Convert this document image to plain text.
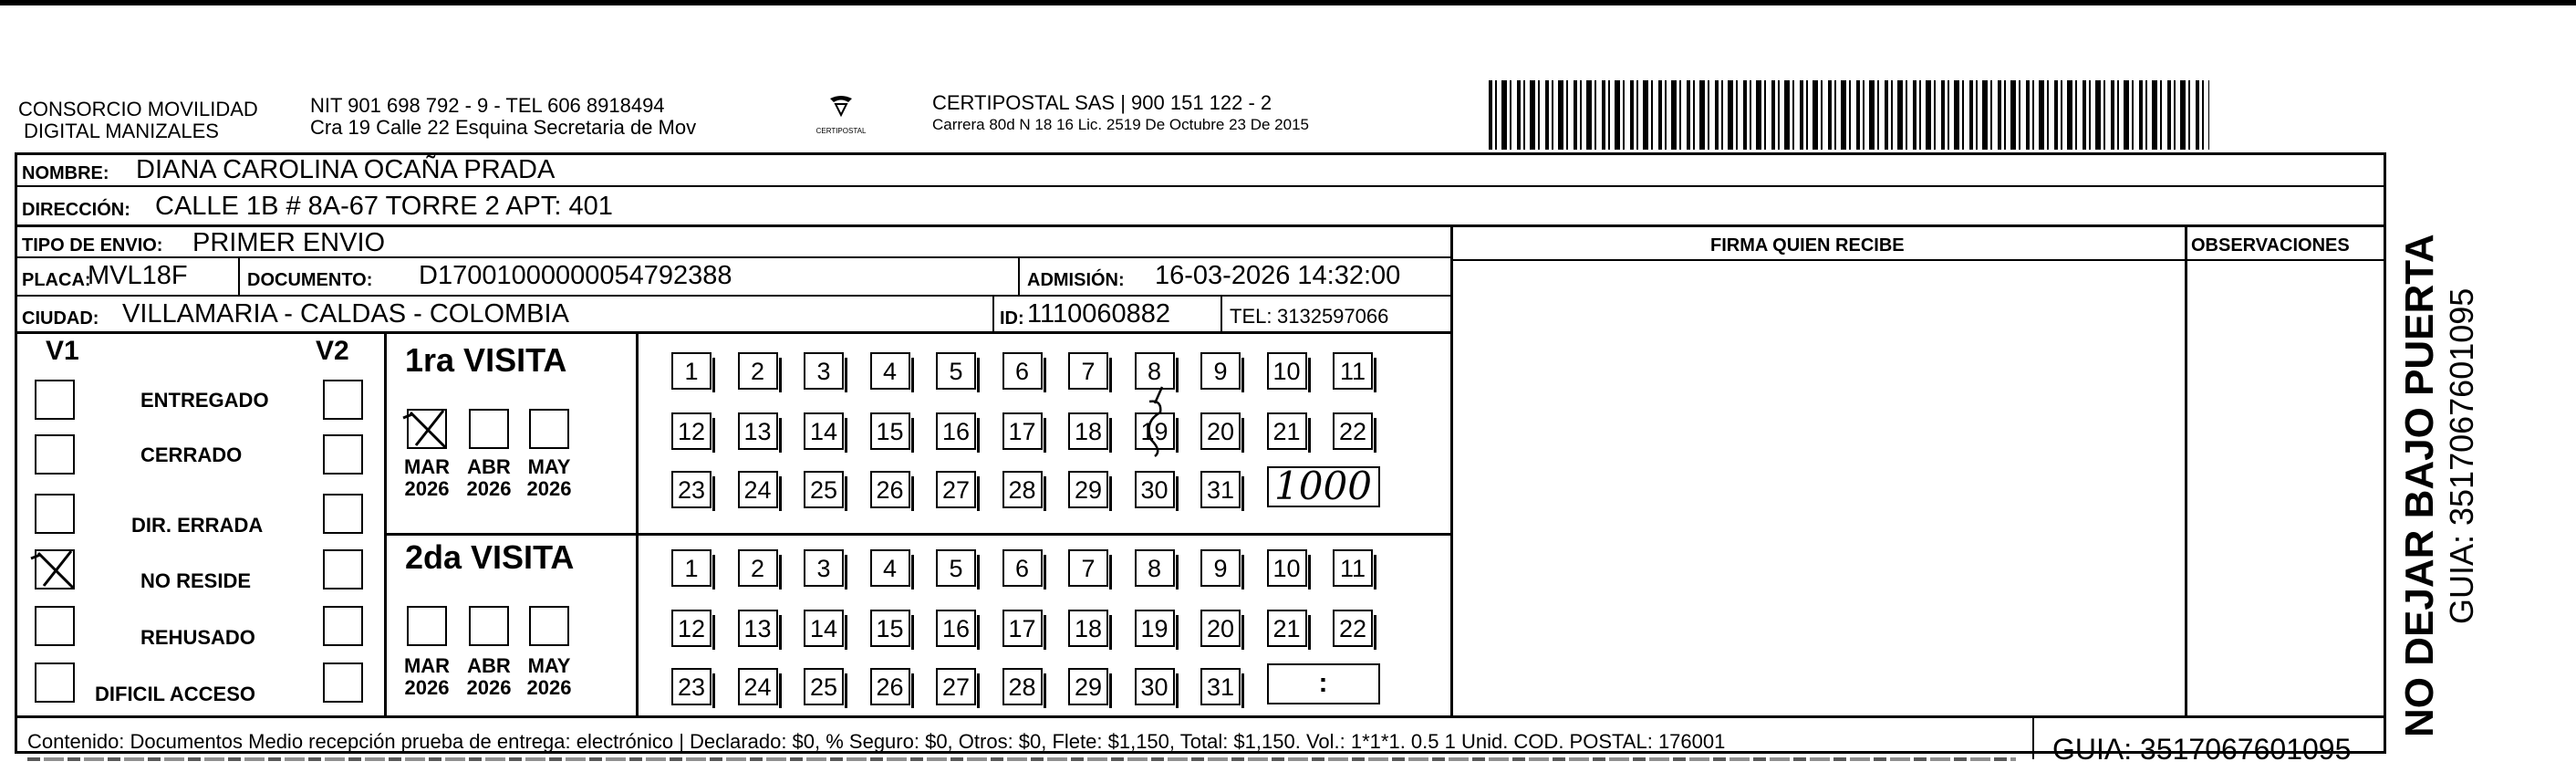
CONSORCIO MOVILIDAD
DIGITAL MANIZALES
NIT 901 698 792 - 9 - TEL 606 8918494
Cra 19 Calle 22 Esquina Secretaria de Mov	CERTIPOSTAL
CERTIPOSTAL SAS | 900 151 122 - 2
Carrera 80d N 18 16 Lic. 2519 De Octubre 23 De 2015
NOMBRE: DIANA CAROLINA OCAÑA PRADA
DIRECCIÓN: CALLE 1B # 8A-67 TORRE 2 APT: 401
TIPO DE ENVIO: PRIMER ENVIO
PLACA:
MVL18F	DOCUMENTO: D17001000000054792388	ADMISIÓN: 16-03-2026 14:32:00
CIUDAD: VILLAMARIA - CALDAS - COLOMBIA	ID: 1110060882	TEL: 3132597066
FIRMA QUIEN RECIBE	OBSERVACIONES
V1	V2
ENTREGADO
CERRADO
DIR. ERRADA
NO RESIDE
REHUSADO
DIFICIL ACCESO
1ra VISITA
2da VISITA
MAR
2026
ABR
2026
MAY
2026
MAR
2026
ABR
2026
MAY
2026
1	2	3	4	5	6	7	8	9	10 11
12 13 14 15 16 17 18 19 20 21 22
23 24 25 26 27 28 29 30 31 1000
1	2	3	4	5	6	7	8	9	10 11
12 13 14 15 16 17 18 19 20 21 22
23 24 25 26 27 28 29 30 31	:
Contenido: Documentos Medio recepción prueba de entrega: electrónico | Declarado: $0, % Seguro: $0, Otros: $0, Flete: $1,150, Total: $1,150. Vol.: 1*1*1. 0.5 1 Unid. COD. POSTAL: 176001	GUIA: 3517067601095
NO DEJAR BAJO PUERTA GUIA: 3517067601095
